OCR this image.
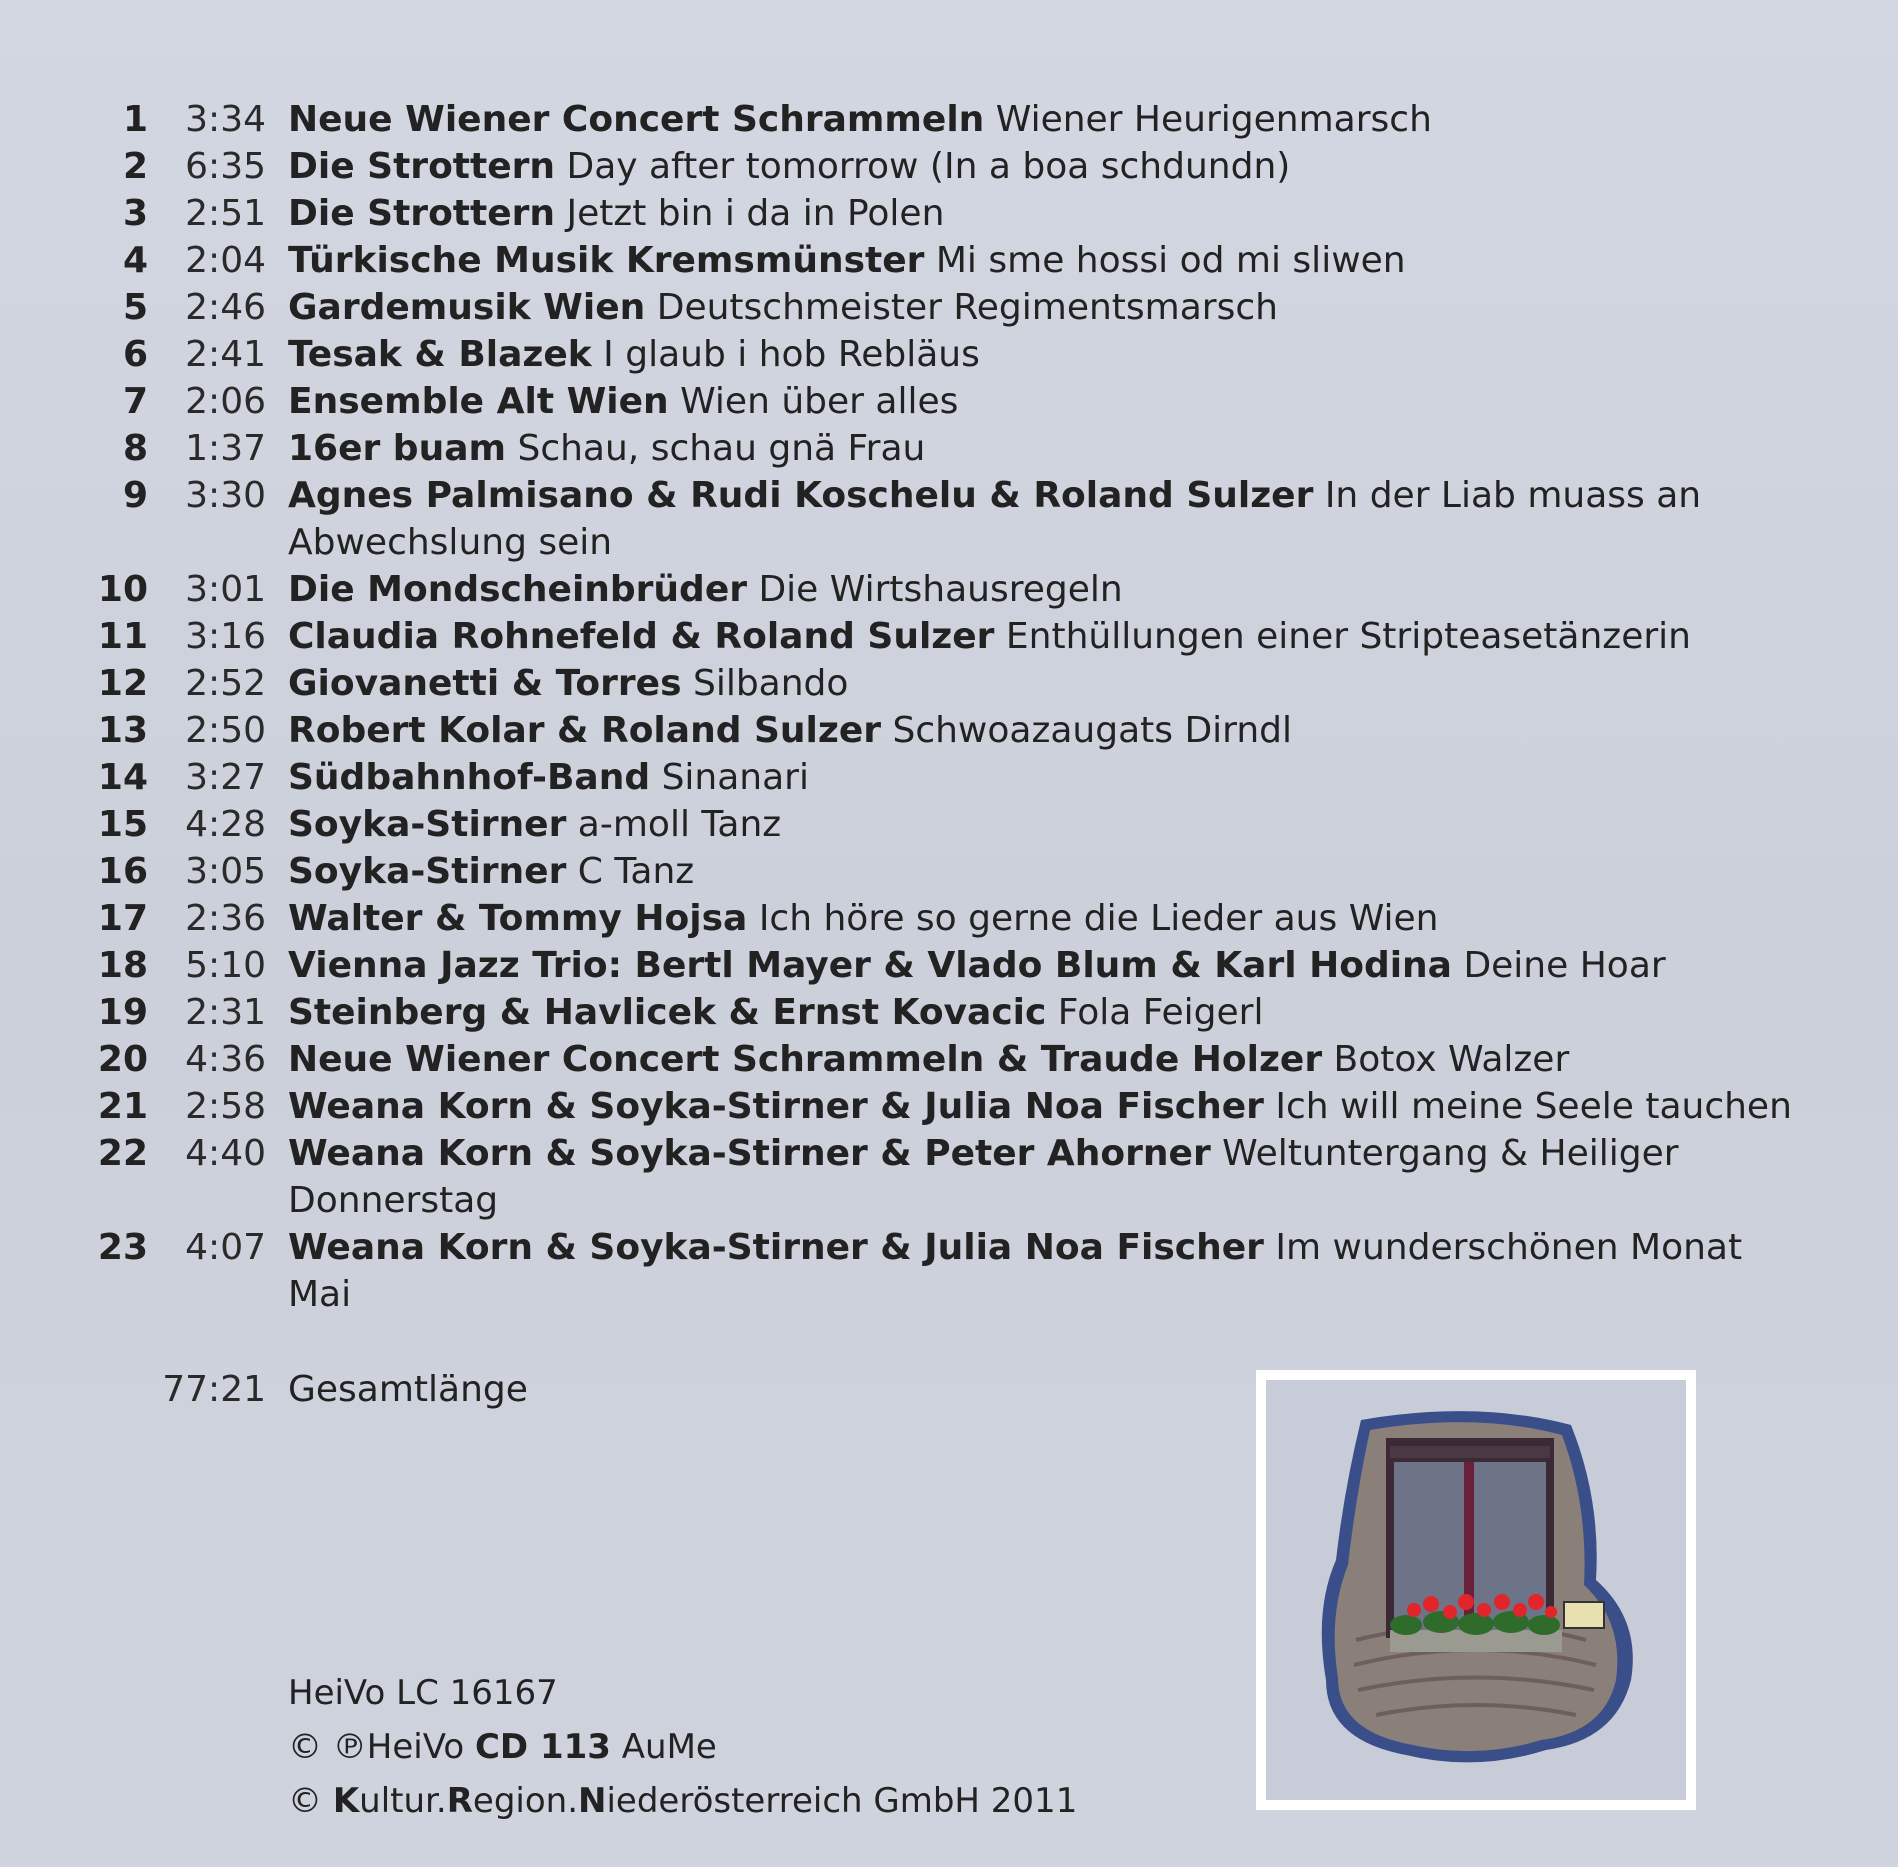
1	3:34 Neue Wiener Concert Schrammeln Wiener Heurigenmarsch
2	6:35 Die Strottern Day after tomorrow (In a boa schdundn)
3	2:51 Die Strottern Jetzt bin i da in Polen
4	2:04 Türkische Musik Kremsmünster Mi sme hossi od mi sliwen
5	2:46 Gardemusik Wien Deutschmeister Regimentsmarsch
6	2:41 Tesak & Blazek I glaub i hob Rebläus
7	2:06 Ensemble Alt Wien Wien über alles
8	1:37 16er buam Schau, schau gnä Frau
9	3:30 Agnes Palmisano & Rudi Koschelu & Roland Sulzer In der Liab muass an Abwechslung sein
10	3:01 Die Mondscheinbrüder Die Wirtshausregeln
11	3:16 Claudia Rohnefeld & Roland Sulzer Enthüllungen einer Stripteasetänzerin
12	2:52 Giovanetti & Torres Silbando
13	2:50 Robert Kolar & Roland Sulzer Schwoazaugats Dirndl
14	3:27 Südbahnhof-Band Sinanari
15	4:28 Soyka-Stirner a-moll Tanz
16	3:05 Soyka-Stirner C Tanz
17	2:36 Walter & Tommy Hojsa Ich höre so gerne die Lieder aus Wien
18	5:10 Vienna Jazz Trio: Bertl Mayer & Vlado Blum & Karl Hodina Deine Hoar
19	2:31 Steinberg & Havlicek & Ernst Kovacic Fola Feigerl
20	4:36 Neue Wiener Concert Schrammeln & Traude Holzer Botox Walzer
21	2:58 Weana Korn & Soyka-Stirner & Julia Noa Fischer Ich will meine Seele tauchen
22	4:40 Weana Korn & Soyka-Stirner & Peter Ahorner Weltuntergang & Heiliger Donnerstag
23	4:07 Weana Korn & Soyka-Stirner & Julia Noa Fischer Im wunderschönen Monat Mai
77:21 Gesamtlänge
HeiVo LC 16167
© ℗HeiVo CD 113 AuMe
© Kultur.Region.Niederösterreich GmbH 2011
